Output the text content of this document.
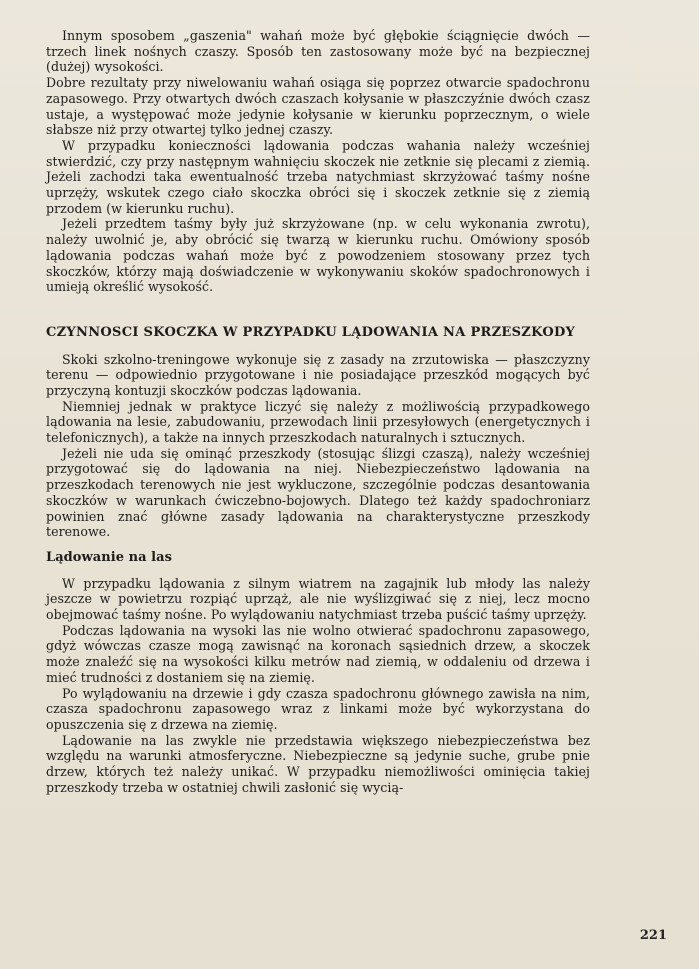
Innym sposobem „gaszenia" wahań może być głębokie ściągnięcie dwóch — trzech linek nośnych czaszy. Sposób ten zastosowany może być na bezpiecznej (dużej) wysokości.

Dobre rezultaty przy niwelowaniu wahań osiąga się poprzez otwarcie spadochronu zapasowego. Przy otwartych dwóch czaszach kołysanie w płaszczyźnie dwóch czasz ustaje, a występować może jedynie kołysanie w kierunku poprzecznym, o wiele słabsze niż przy otwartej tylko jednej czaszy.

W przypadku konieczności lądowania podczas wahania należy wcześniej stwierdzić, czy przy następnym wahnięciu skoczek nie zetknie się plecami z ziemią. Jeżeli zachodzi taka ewentualność trzeba natychmiast skrzyżować taśmy nośne uprzęży, wskutek czego ciało skoczka obróci się i skoczek zetknie się z ziemią przodem (w kierunku ruchu).

Jeżeli przedtem taśmy były już skrzyżowane (np. w celu wykonania zwrotu), należy uwolnić je, aby obrócić się twarzą w kierunku ruchu. Omówiony sposób lądowania podczas wahań może być z powodzeniem stosowany przez tych skoczków, którzy mają doświadczenie w wykonywaniu skoków spadochronowych i umieją określić wysokość.

CZYNNOSCI SKOCZKA W PRZYPADKU LĄDOWANIA NA PRZESZKODY

Skoki szkolno-treningowe wykonuje się z zasady na zrzutowiska — płaszczyzny terenu — odpowiednio przygotowane i nie posiadające przeszkód mogących być przyczyną kontuzji skoczków podczas lądowania.

Niemniej jednak w praktyce liczyć się należy z możliwością przypadkowego lądowania na lesie, zabudowaniu, przewodach linii przesyłowych (energetycznych i telefonicznych), a także na innych przeszkodach naturalnych i sztucznych.

Jeżeli nie uda się ominąć przeszkody (stosując ślizgi czaszą), należy wcześniej przygotować się do lądowania na niej. Niebezpieczeństwo lądowania na przeszkodach terenowych nie jest wykluczone, szczególnie podczas desantowania skoczków w warunkach ćwiczebno-bojowych. Dlatego też każdy spadochroniarz powinien znać główne zasady lądowania na charakterystyczne przeszkody terenowe.

Lądowanie na las

W przypadku lądowania z silnym wiatrem na zagajnik lub młody las należy jeszcze w powietrzu rozpiąć uprząż, ale nie wyślizgiwać się z niej, lecz mocno obejmować taśmy nośne. Po wylądowaniu natychmiast trzeba puścić taśmy uprzęży.

Podczas lądowania na wysoki las nie wolno otwierać spadochronu zapasowego, gdyż wówczas czasze mogą zawisnąć na koronach sąsiednich drzew, a skoczek może znaleźć się na wysokości kilku metrów nad ziemią, w oddaleniu od drzewa i mieć trudności z dostaniem się na ziemię.

Po wylądowaniu na drzewie i gdy czasza spadochronu głównego zawisła na nim, czasza spadochronu zapasowego wraz z linkami może być wykorzystana do opuszczenia się z drzewa na ziemię.

Lądowanie na las zwykle nie przedstawia większego niebezpieczeństwa bez względu na warunki atmosferyczne. Niebezpieczne są jedynie suche, grube pnie drzew, których też należy unikać. W przypadku niemożliwości ominięcia takiej przeszkody trzeba w ostatniej chwili zasłonić się wycią-

221
